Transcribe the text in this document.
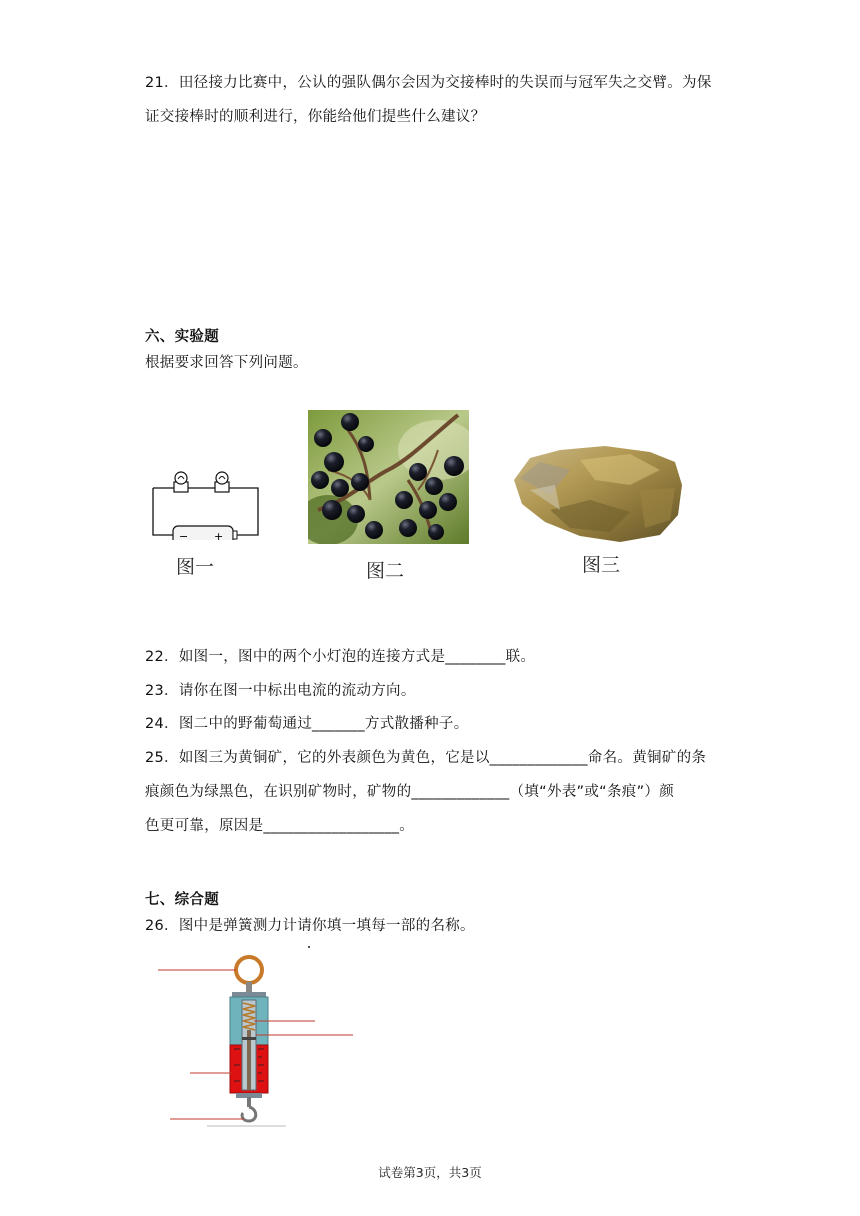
21．田径接力比赛中，公认的强队偶尔会因为交接棒时的失误而与冠军失之交臂。为保
证交接棒时的顺利进行，你能给他们提些什么建议？
六、实验题
根据要求回答下列问题。
− +
图一	图二	图三
22．如图一，图中的两个小灯泡的连接方式是________联。
23．请你在图一中标出电流的流动方向。
24．图二中的野葡萄通过_______方式散播种子。
25．如图三为黄铜矿，它的外表颜色为黄色，它是以_____________命名。黄铜矿的条
痕颜色为绿黑色，在识别矿物时，矿物的_____________（填“外表”或“条痕”）颜
色更可靠，原因是__________________。
七、综合题
26．图中是弹簧测力计请你填一填每一部的名称。
试卷第3页，共3页
